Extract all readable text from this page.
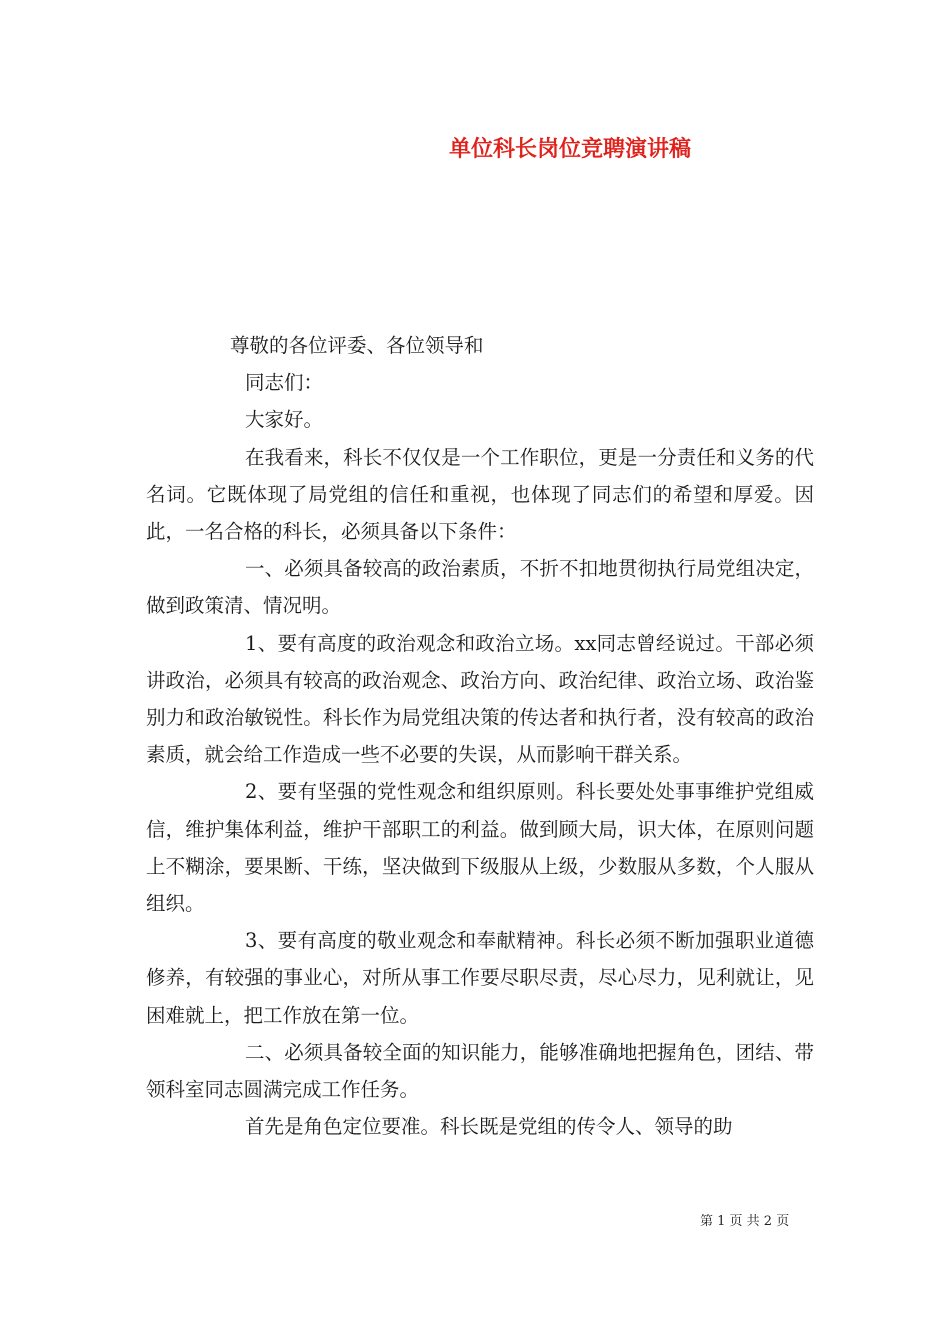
单位科长岗位竞聘演讲稿

尊敬的各位评委、各位领导和

同志们：

大家好。

在我看来，科长不仅仅是一个工作职位，更是一分责任和义务的代名词。它既体现了局党组的信任和重视，也体现了同志们的希望和厚爱。因此，一名合格的科长，必须具备以下条件：

一、必须具备较高的政治素质，不折不扣地贯彻执行局党组决定，做到政策清、情况明。

1、要有高度的政治观念和政治立场。xx同志曾经说过。干部必须讲政治，必须具有较高的政治观念、政治方向、政治纪律、政治立场、政治鉴别力和政治敏锐性。科长作为局党组决策的传达者和执行者，没有较高的政治素质，就会给工作造成一些不必要的失误，从而影响干群关系。

2、要有坚强的党性观念和组织原则。科长要处处事事维护党组威信，维护集体利益，维护干部职工的利益。做到顾大局，识大体，在原则问题上不糊涂，要果断、干练，坚决做到下级服从上级，少数服从多数，个人服从组织。

3、要有高度的敬业观念和奉献精神。科长必须不断加强职业道德修养，有较强的事业心，对所从事工作要尽职尽责，尽心尽力，见利就让，见困难就上，把工作放在第一位。

二、必须具备较全面的知识能力，能够准确地把握角色，团结、带领科室同志圆满完成工作任务。

首先是角色定位要准。科长既是党组的传令人、领导的助

第 1 页 共 2 页
